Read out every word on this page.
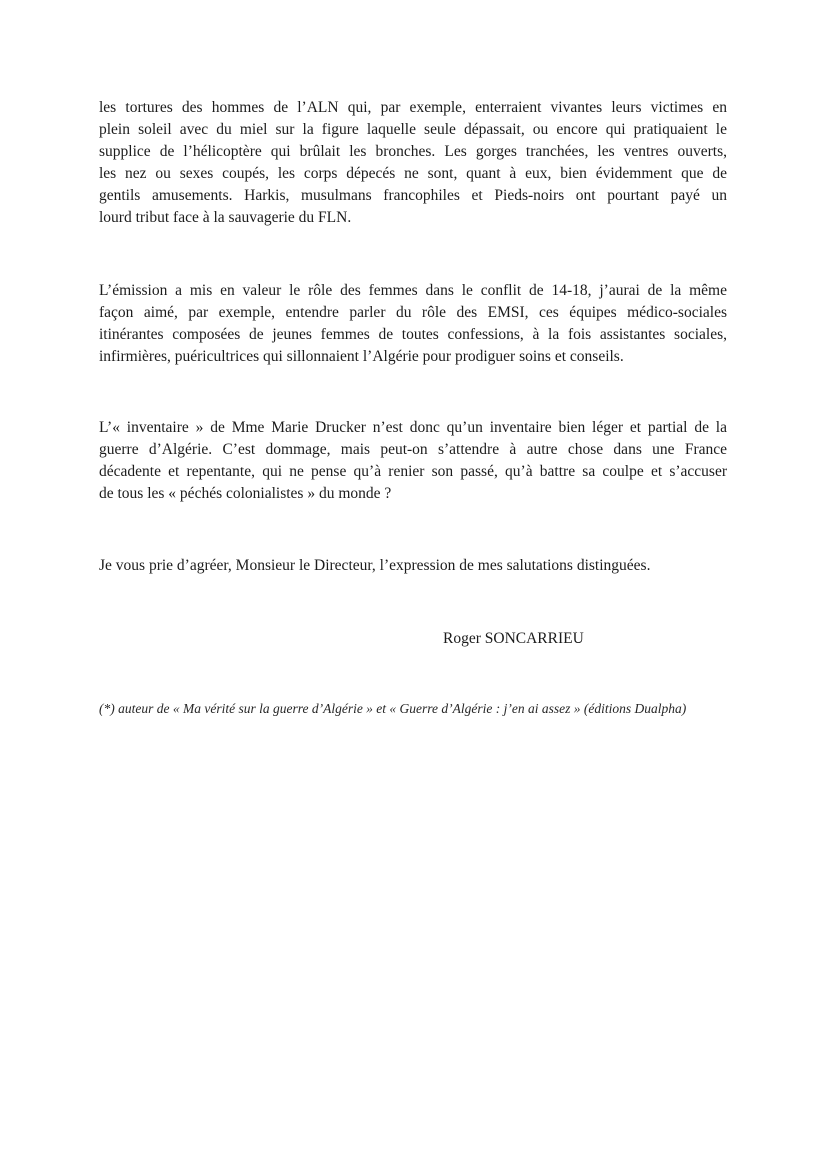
les tortures des hommes de l’ALN qui, par exemple, enterraient vivantes leurs victimes en
plein soleil avec du miel sur la figure laquelle seule dépassait, ou encore qui pratiquaient le
supplice de l’hélicoptère qui brûlait les bronches. Les gorges tranchées, les ventres ouverts,
les nez ou sexes coupés, les corps dépecés ne sont, quant à eux, bien évidemment que de
gentils amusements. Harkis, musulmans francophiles et Pieds-noirs ont pourtant payé un
lourd tribut face à la sauvagerie du FLN.
L’émission a mis en valeur le rôle des femmes dans le conflit de 14-18, j’aurai de la même
façon aimé, par exemple, entendre parler du rôle des EMSI, ces équipes médico-sociales
itinérantes composées de jeunes femmes de toutes confessions, à la fois assistantes sociales,
infirmières, puéricultrices qui sillonnaient l’Algérie pour prodiguer soins et conseils.
L’« inventaire » de Mme Marie Drucker n’est donc qu’un inventaire bien léger et partial de la
guerre d’Algérie. C’est dommage, mais peut-on s’attendre à autre chose dans une France
décadente et repentante, qui ne pense qu’à renier son passé, qu’à battre sa coulpe et s’accuser
de tous les « péchés colonialistes » du monde ?
Je vous prie d’agréer, Monsieur le Directeur, l’expression de mes salutations distinguées.
Roger SONCARRIEU
(*) auteur de « Ma vérité sur la guerre d’Algérie » et « Guerre d’Algérie : j’en ai assez » (éditions Dualpha)
